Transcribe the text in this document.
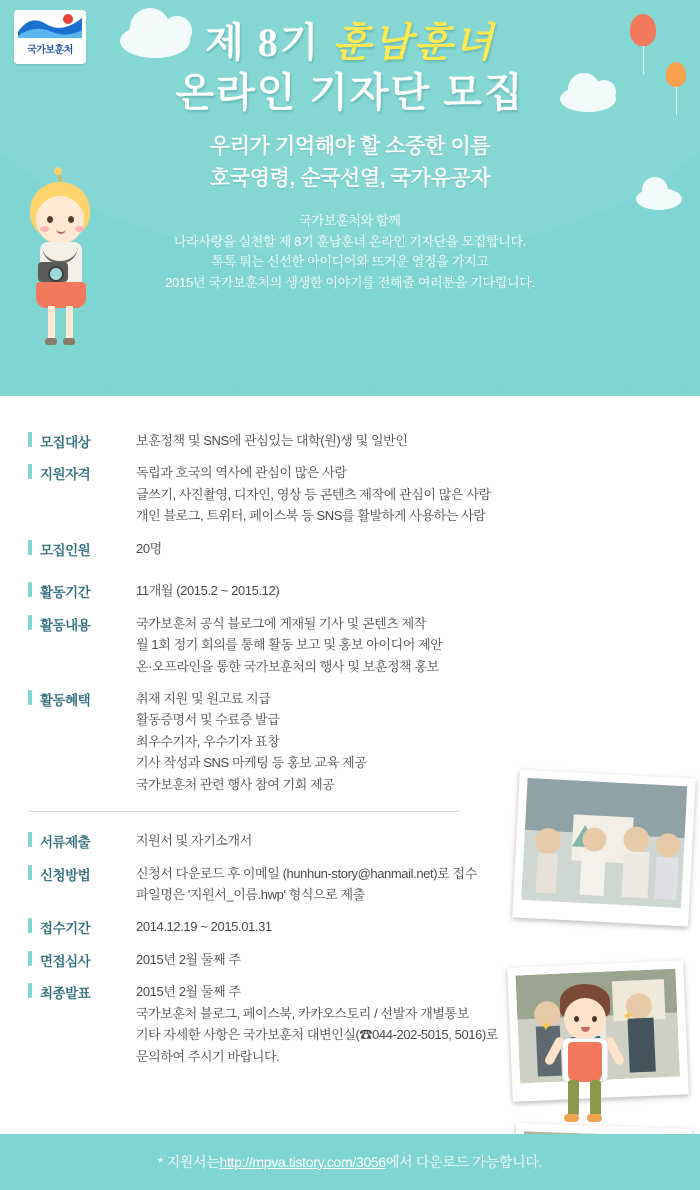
국가보훈처	제 8기 훈남훈녀
온라인 기자단 모집
우리가 기억해야 할 소중한 이름
호국영령, 순국선열, 국가유공자
국가보훈처와 함께
나라사랑을 실천할 제 8기 훈남훈녀 온라인 기자단을 모집합니다.
톡톡 튀는 신선한 아이디어와 뜨거운 열정을 가지고
2015년 국가보훈처의 생생한 이야기를 전해줄 여러분을 기다립니다.
✦
✦
모집대상	보훈정책 및 SNS에 관심있는 대학(원)생 및 일반인
지원자격	독립과 호국의 역사에 관심이 많은 사람
글쓰기, 사진촬영, 디자인, 영상 등 콘텐츠 제작에 관심이 많은 사람
개인 블로그, 트위터, 페이스북 등 SNS를 활발하게 사용하는 사람
모집인원	20명
활동기간	11개월 (2015.2 ~ 2015.12)
활동내용	국가보훈처 공식 블로그에 게재될 기사 및 콘텐츠 제작
월 1회 정기 회의를 통해 활동 보고 및 홍보 아이디어 제안
온·오프라인을 통한 국가보훈처의 행사 및 보훈정책 홍보
활동혜택	취재 지원 및 원고료 지급
활동증명서 및 수료증 발급
최우수기자, 우수기자 표창
기사 작성과 SNS 마케팅 등 홍보 교육 제공
국가보훈처 관련 행사 참여 기회 제공
서류제출	지원서 및 자기소개서
신청방법	신청서 다운로드 후 이메일 (hunhun-story@hanmail.net)로 접수
파일명은 '지원서_이름.hwp' 형식으로 제출
접수기간	2014.12.19 ~ 2015.01.31
면접심사	2015년 2월 둘째 주
최종발표	2015년 2월 둘째 주
국가보훈처 블로그, 페이스북, 카카오스토리 / 선발자 개별통보
기타 자세한 사항은 국가보훈처 대변인실(☎044-202-5015, 5016)로
문의하여 주시기 바랍니다.
* 지원서는 http://mpva.tistory.com/3056 에서 다운로드 가능합니다.
